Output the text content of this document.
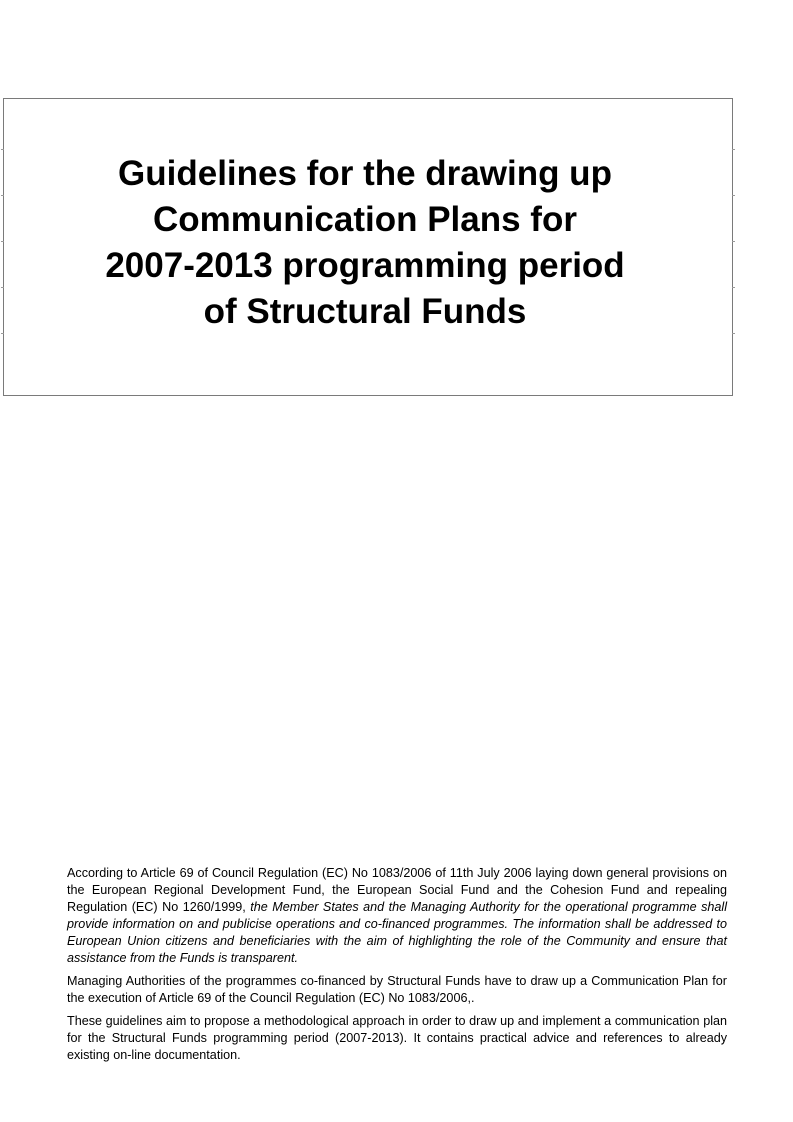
Guidelines for the drawing up
Communication Plans for
2007-2013 programming period
of Structural Funds

According to Article 69 of Council Regulation (EC) No 1083/2006 of 11th July 2006 laying down general provisions on the European Regional Development Fund, the European Social Fund and the Cohesion Fund and repealing Regulation (EC) No 1260/1999, the Member States and the Managing Authority for the operational programme shall provide information on and publicise operations and co-financed programmes. The information shall be addressed to European Union citizens and beneficiaries with the aim of highlighting the role of the Community and ensure that assistance from the Funds is transparent.

Managing Authorities of the programmes co-financed by Structural Funds have to draw up a Communication Plan for the execution of Article 69 of the Council Regulation (EC) No 1083/2006,.

These guidelines aim to propose a methodological approach in order to draw up and implement a communication plan for the Structural Funds programming period (2007-2013). It contains practical advice and references to already existing on-line documentation.
